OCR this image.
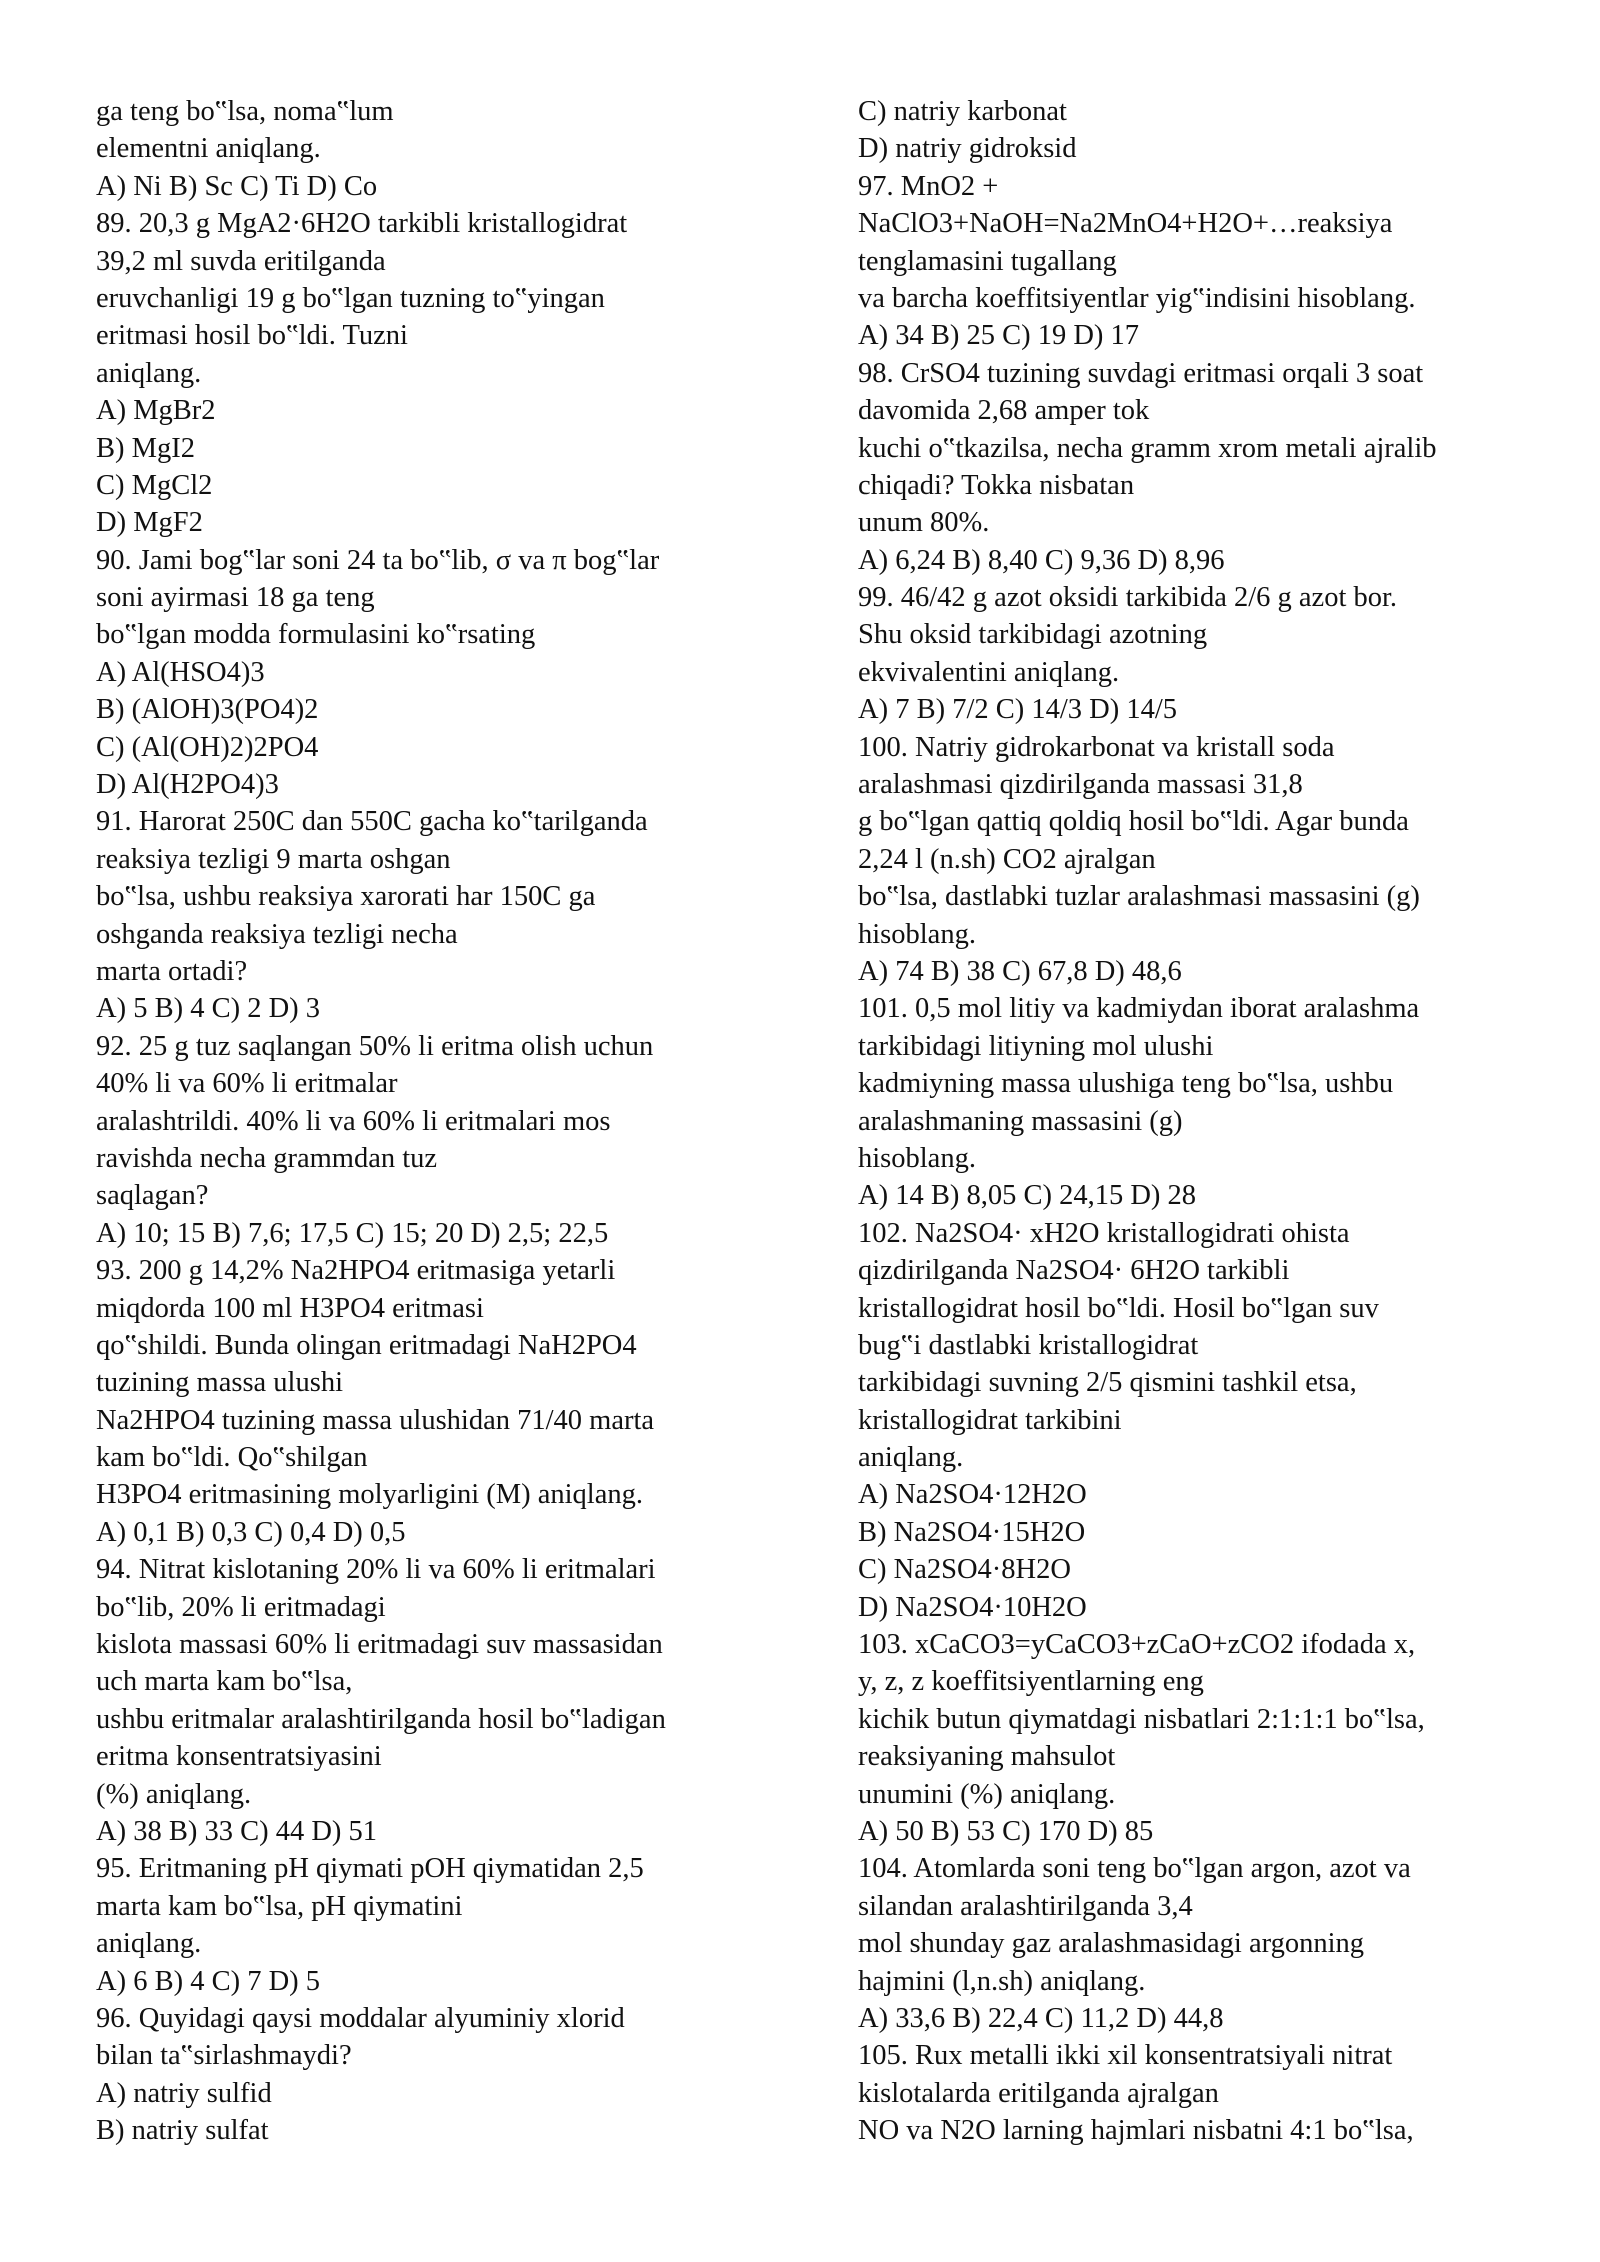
ga teng bo‟lsa, noma‟lum
elementni aniqlang.
A) Ni B) Sc C) Ti D) Co
89. 20,3 g MgA2·6H2O tarkibli kristallogidrat
39,2 ml suvda eritilganda
eruvchanligi 19 g bo‟lgan tuzning to‟yingan
eritmasi hosil bo‟ldi. Tuzni
aniqlang.
A) MgBr2
B) MgI2
C) MgCl2
D) MgF2
90. Jami bog‟lar soni 24 ta bo‟lib, σ va π bog‟lar
soni ayirmasi 18 ga teng
bo‟lgan modda formulasini ko‟rsating
A) Al(HSO4)3
B) (AlOH)3(PO4)2
C) (Al(OH)2)2PO4
D) Al(H2PO4)3
91. Harorat 250C dan 550C gacha ko‟tarilganda
reaksiya tezligi 9 marta oshgan
bo‟lsa, ushbu reaksiya xarorati har 150C ga
oshganda reaksiya tezligi necha
marta ortadi?
A) 5 B) 4 C) 2 D) 3
92. 25 g tuz saqlangan 50% li eritma olish uchun
40% li va 60% li eritmalar
aralashtrildi. 40% li va 60% li eritmalari mos
ravishda necha grammdan tuz
saqlagan?
A) 10; 15 B) 7,6; 17,5 C) 15; 20 D) 2,5; 22,5
93. 200 g 14,2% Na2HPO4 eritmasiga yetarli
miqdorda 100 ml H3PO4 eritmasi
qo‟shildi. Bunda olingan eritmadagi NaH2PO4
tuzining massa ulushi
Na2HPO4 tuzining massa ulushidan 71/40 marta
kam bo‟ldi. Qo‟shilgan
H3PO4 eritmasining molyarligini (M) aniqlang.
A) 0,1 B) 0,3 C) 0,4 D) 0,5
94. Nitrat kislotaning 20% li va 60% li eritmalari
bo‟lib, 20% li eritmadagi
kislota massasi 60% li eritmadagi suv massasidan
uch marta kam bo‟lsa,
ushbu eritmalar aralashtirilganda hosil bo‟ladigan
eritma konsentratsiyasini
(%) aniqlang.
A) 38 B) 33 C) 44 D) 51
95. Eritmaning pH qiymati pOH qiymatidan 2,5
marta kam bo‟lsa, pH qiymatini
aniqlang.
A) 6 B) 4 C) 7 D) 5
96. Quyidagi qaysi moddalar alyuminiy xlorid
bilan ta‟sirlashmaydi?
A) natriy sulfid
B) natriy sulfat
C) natriy karbonat
D) natriy gidroksid
97. MnO2 +
NaClO3+NaOH=Na2MnO4+H2O+…reaksiya
tenglamasini tugallang
va barcha koeffitsiyentlar yig‟indisini hisoblang.
A) 34 B) 25 C) 19 D) 17
98. CrSO4 tuzining suvdagi eritmasi orqali 3 soat
davomida 2,68 amper tok
kuchi o‟tkazilsa, necha gramm xrom metali ajralib
chiqadi? Tokka nisbatan
unum 80%.
A) 6,24 B) 8,40 C) 9,36 D) 8,96
99. 46/42 g azot oksidi tarkibida 2/6 g azot bor.
Shu oksid tarkibidagi azotning
ekvivalentini aniqlang.
A) 7 B) 7/2 C) 14/3 D) 14/5
100. Natriy gidrokarbonat va kristall soda
aralashmasi qizdirilganda massasi 31,8
g bo‟lgan qattiq qoldiq hosil bo‟ldi. Agar bunda
2,24 l (n.sh) CO2 ajralgan
bo‟lsa, dastlabki tuzlar aralashmasi massasini (g)
hisoblang.
A) 74 B) 38 C) 67,8 D) 48,6
101. 0,5 mol litiy va kadmiydan iborat aralashma
tarkibidagi litiyning mol ulushi
kadmiyning massa ulushiga teng bo‟lsa, ushbu
aralashmaning massasini (g)
hisoblang.
A) 14 B) 8,05 C) 24,15 D) 28
102. Na2SO4· xH2O kristallogidrati ohista
qizdirilganda Na2SO4· 6H2O tarkibli
kristallogidrat hosil bo‟ldi. Hosil bo‟lgan suv
bug‟i dastlabki kristallogidrat
tarkibidagi suvning 2/5 qismini tashkil etsa,
kristallogidrat tarkibini
aniqlang.
A) Na2SO4·12H2O
B) Na2SO4·15H2O
C) Na2SO4·8H2O
D) Na2SO4·10H2O
103. xCaCO3=yCaCO3+zCaO+zCO2 ifodada x,
y, z, z koeffitsiyentlarning eng
kichik butun qiymatdagi nisbatlari 2:1:1:1 bo‟lsa,
reaksiyaning mahsulot
unumini (%) aniqlang.
A) 50 B) 53 C) 170 D) 85
104. Atomlarda soni teng bo‟lgan argon, azot va
silandan aralashtirilganda 3,4
mol shunday gaz aralashmasidagi argonning
hajmini (l,n.sh) aniqlang.
A) 33,6 B) 22,4 C) 11,2 D) 44,8
105. Rux metalli ikki xil konsentratsiyali nitrat
kislotalarda eritilganda ajralgan
NO va N2O larning hajmlari nisbatni 4:1 bo‟lsa,
